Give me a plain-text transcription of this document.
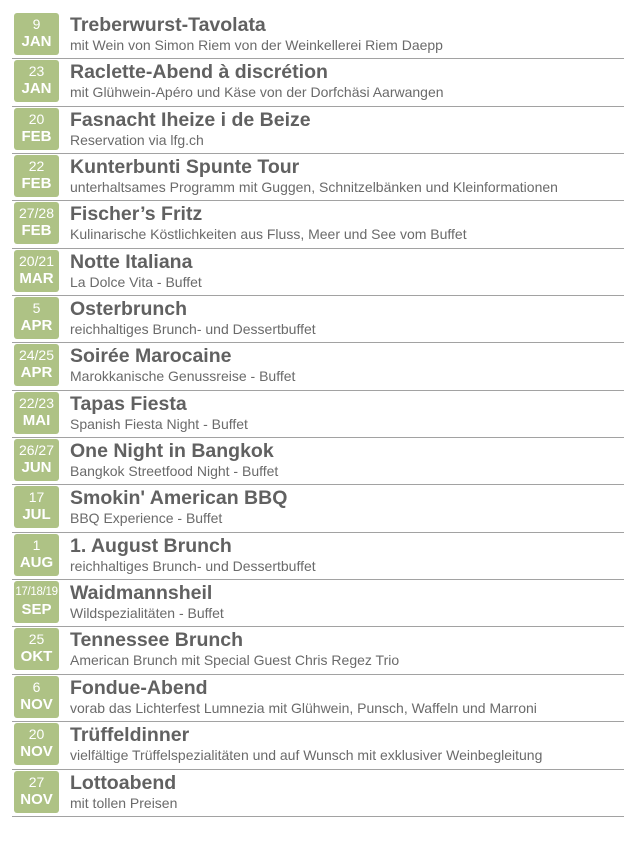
9
JAN
Treberwurst-Tavolata
mit Wein von Simon Riem von der Weinkellerei Riem Daepp
23
JAN
Raclette-Abend à discrétion
mit Glühwein-Apéro und Käse von der Dorfchäsi Aarwangen
20
FEB
Fasnacht Iheize i de Beize
Reservation via lfg.ch
22
FEB
Kunterbunti Spunte Tour
unterhaltsames Programm mit Guggen, Schnitzelbänken und Kleinformationen
27/28
FEB
Fischer’s Fritz
Kulinarische Köstlichkeiten aus Fluss, Meer und See vom Buffet
20/21
MAR
Notte Italiana
La Dolce Vita - Buffet
5
APR
Osterbrunch
reichhaltiges Brunch- und Dessertbuffet
24/25
APR
Soirée Marocaine
Marokkanische Genussreise - Buffet
22/23
MAI
Tapas Fiesta
Spanish Fiesta Night - Buffet
26/27
JUN
One Night in Bangkok
Bangkok Streetfood Night - Buffet
17
JUL
Smokin' American BBQ
BBQ Experience - Buffet
1
AUG
1. August Brunch
reichhaltiges Brunch- und Dessertbuffet
17/18/19
SEP
Waidmannsheil
Wildspezialitäten - Buffet
25
OKT
Tennessee Brunch
American Brunch mit Special Guest Chris Regez Trio
6
NOV
Fondue-Abend
vorab das Lichterfest Lumnezia mit Glühwein, Punsch, Waffeln und Marroni
20
NOV
Trüffeldinner
vielfältige Trüffelspezialitäten und auf Wunsch mit exklusiver Weinbegleitung
27
NOV
Lottoabend
mit tollen Preisen
